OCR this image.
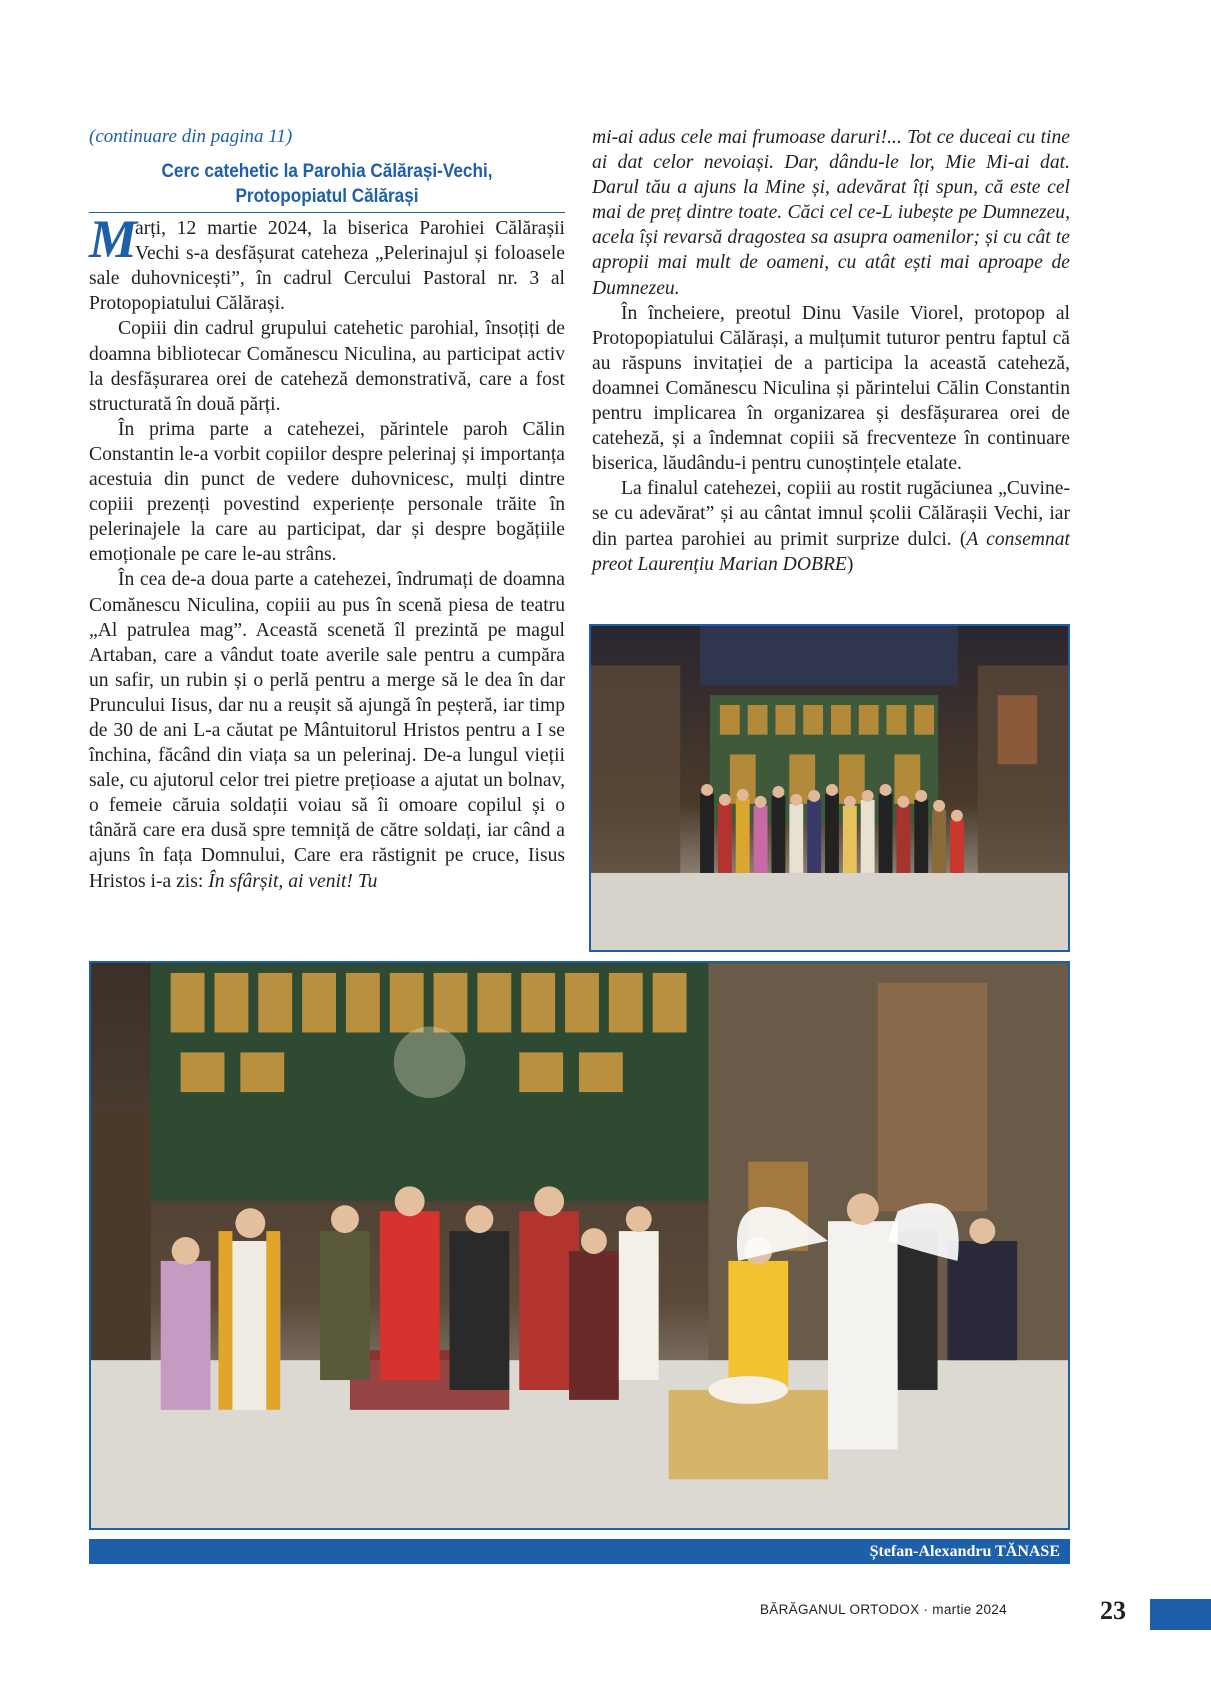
(continuare din pagina 11)

Cerc catehetic la Parohia Călărași-Vechi,
Protopopiatul Călărași

M
arți, 12 martie 2024, la biserica Parohiei Călărașii Vechi s-a desfășurat cateheza „Pelerinajul și foloasele sale duhovnicești”, în cadrul Cercului Pastoral nr. 3 al Protopopiatului Călărași.

Copiii din cadrul grupului catehetic parohial, însoțiți de doamna bibliotecar Comănescu Niculina, au participat activ la desfășurarea orei de cateheză demonstrativă, care a fost structurată în două părți.

În prima parte a catehezei, părintele paroh Călin Constantin le-a vorbit copiilor despre pelerinaj și importanța acestuia din punct de vedere duhovnicesc, mulți dintre copiii prezenți povestind experiențe personale trăite în pelerinajele la care au participat, dar și despre bogățiile emoționale pe care le-au strâns.

În cea de-a doua parte a catehezei, îndrumați de doamna Comănescu Niculina, copiii au pus în scenă piesa de teatru „Al patrulea mag”. Această scenetă îl prezintă pe magul Artaban, care a vândut toate averile sale pentru a cumpăra un safir, un rubin și o perlă pentru a merge să le dea în dar Pruncului Iisus, dar nu a reușit să ajungă în peșteră, iar timp de 30 de ani L-a căutat pe Mântuitorul Hristos pentru a I se închina, făcând din viața sa un pelerinaj. De-a lungul vieții sale, cu ajutorul celor trei pietre prețioase a ajutat un bolnav, o femeie căruia soldații voiau să îi omoare copilul și o tânără care era dusă spre temniță de către soldați, iar când a ajuns în fața Domnului, Care era răstignit pe cruce, Iisus Hristos i-a zis: În sfârșit, ai venit! Tu

mi-ai adus cele mai frumoase daruri!... Tot ce duceai cu tine ai dat celor nevoiași. Dar, dându-le lor, Mie Mi-ai dat. Darul tău a ajuns la Mine și, adevărat îți spun, că este cel mai de preț dintre toate. Căci cel ce-L iubește pe Dumnezeu, acela își revarsă dragostea sa asupra oamenilor; și cu cât te apropii mai mult de oameni, cu atât ești mai aproape de Dumnezeu.

În încheiere, preotul Dinu Vasile Viorel, protopop al Protopopiatului Călărași, a mulțumit tuturor pentru faptul că au răspuns invitației de a participa la această cateheză, doamnei Comănescu Niculina și părintelui Călin Constantin pentru implicarea în organizarea și desfășurarea orei de cateheză, și a îndemnat copiii să frecventeze în continuare biserica, lăudându-i pentru cunoștințele etalate.

La finalul catehezei, copiii au rostit rugăciunea „Cuvine-se cu adevărat” și au cântat imnul școlii Călărașii Vechi, iar din partea parohiei au primit surprize dulci. (A consemnat preot Laurențiu Marian DOBRE)

Ștefan-Alexandru TĂNASE
BĂRĂGANUL ORTODOX · martie 2024	23
